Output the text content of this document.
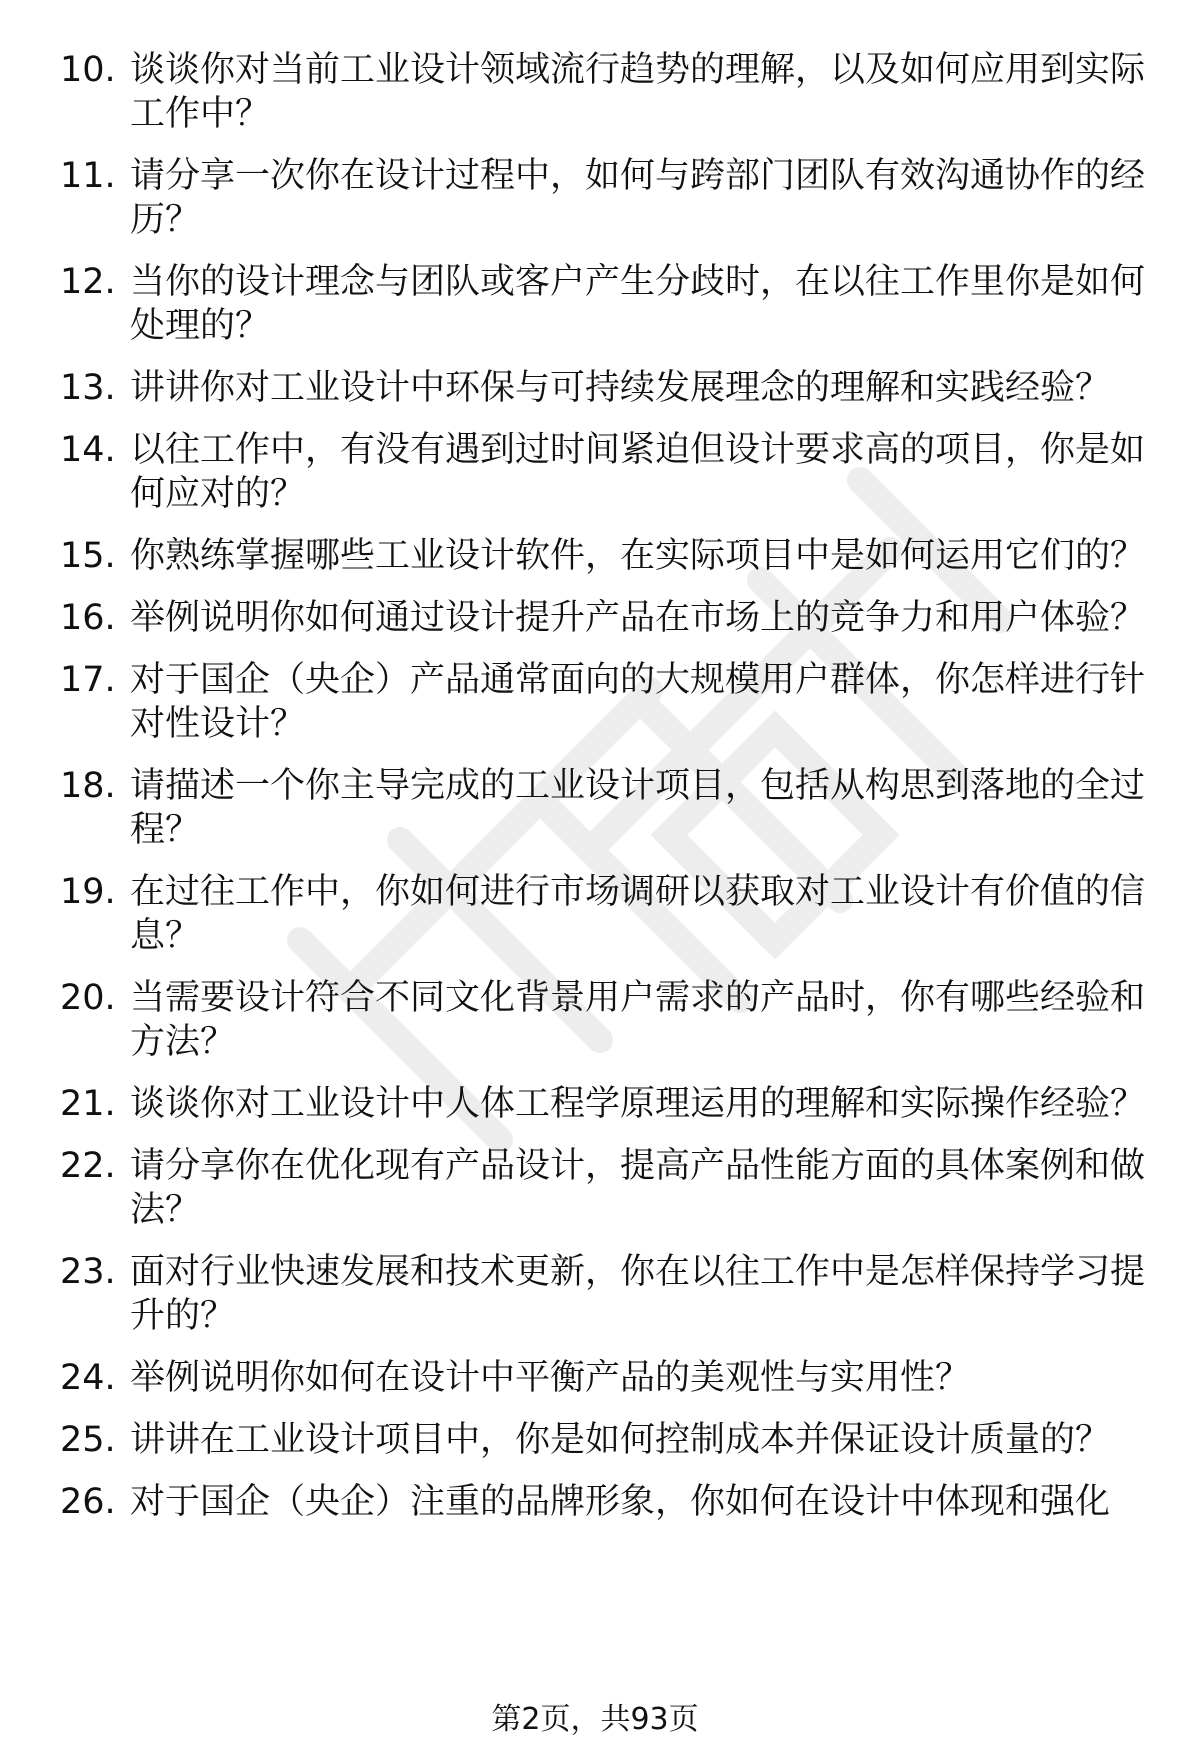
10. 谈谈你对当前工业设计领域流行趋势的理解，以及如何应用到实际工作中？
11. 请分享一次你在设计过程中，如何与跨部门团队有效沟通协作的经历？
12. 当你的设计理念与团队或客户产生分歧时，在以往工作里你是如何处理的？
13. 讲讲你对工业设计中环保与可持续发展理念的理解和实践经验？
14. 以往工作中，有没有遇到过时间紧迫但设计要求高的项目，你是如何应对的？
15. 你熟练掌握哪些工业设计软件，在实际项目中是如何运用它们的？
16. 举例说明你如何通过设计提升产品在市场上的竞争力和用户体验？
17. 对于国企（央企）产品通常面向的大规模用户群体，你怎样进行针对性设计？
18. 请描述一个你主导完成的工业设计项目，包括从构思到落地的全过程？
19. 在过往工作中，你如何进行市场调研以获取对工业设计有价值的信息？
20. 当需要设计符合不同文化背景用户需求的产品时，你有哪些经验和方法？
21. 谈谈你对工业设计中人体工程学原理运用的理解和实际操作经验？
22. 请分享你在优化现有产品设计，提高产品性能方面的具体案例和做法？
23. 面对行业快速发展和技术更新，你在以往工作中是怎样保持学习提升的？
24. 举例说明你如何在设计中平衡产品的美观性与实用性？
25. 讲讲在工业设计项目中，你是如何控制成本并保证设计质量的？
26. 对于国企（央企）注重的品牌形象，你如何在设计中体现和强化
第2页，共93页
